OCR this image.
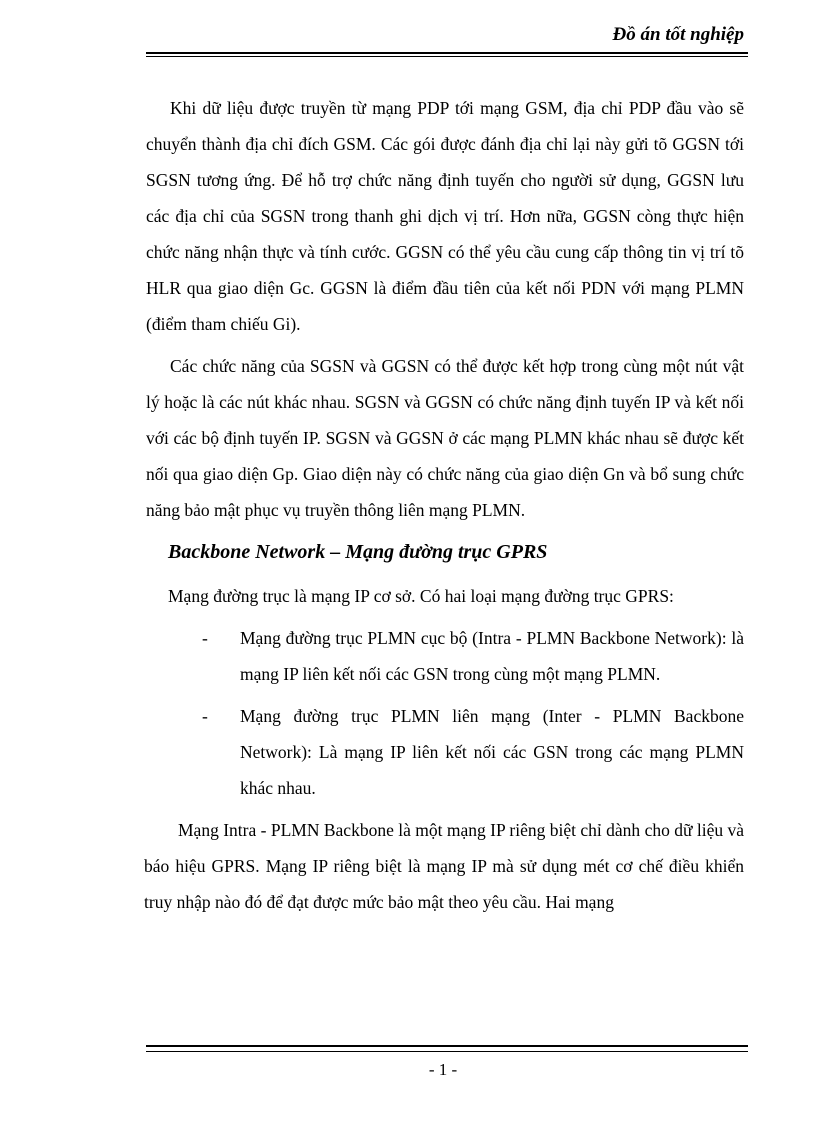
Đồ án tốt nghiệp

Khi dữ liệu được truyền từ mạng PDP tới mạng GSM, địa chỉ PDP đầu vào sẽ chuyển thành địa chỉ đích GSM. Các gói được đánh địa chỉ lại này gửi tõ GGSN tới SGSN tương ứng. Để hỗ trợ chức năng định tuyến cho người sử dụng, GGSN lưu các địa chỉ của SGSN trong thanh ghi dịch vị trí. Hơn nữa, GGSN còng thực hiện chức năng nhận thực và tính cước. GGSN có thể yêu cầu cung cấp thông tin vị trí tõ HLR qua giao diện Gc. GGSN là điểm đầu tiên của kết nối PDN với mạng PLMN (điểm tham chiếu Gi).

Các chức năng của SGSN và GGSN có thể được kết hợp trong cùng một nút vật lý hoặc là các nút khác nhau. SGSN và GGSN có chức năng định tuyến IP và kết nối với các bộ định tuyến IP. SGSN và GGSN ở các mạng PLMN khác nhau sẽ được kết nối qua giao diện Gp. Giao diện này có chức năng của giao diện Gn và bổ sung chức năng bảo mật phục vụ truyền thông liên mạng PLMN.

Backbone Network – Mạng đường trục GPRS

Mạng đường trục là mạng IP cơ sở. Có hai loại mạng đường trục GPRS:

- Mạng đường trục PLMN cục bộ (Intra - PLMN Backbone Network): là mạng IP liên kết nối các GSN trong cùng một mạng PLMN.
- Mạng đường trục PLMN liên mạng (Inter - PLMN Backbone Network): Là mạng IP liên kết nối các GSN trong các mạng PLMN khác nhau.

Mạng Intra - PLMN Backbone là một mạng IP riêng biệt chỉ dành cho dữ liệu và báo hiệu GPRS. Mạng IP riêng biệt là mạng IP mà sử dụng mét cơ chế điều khiển truy nhập nào đó để đạt được mức bảo mật theo yêu cầu. Hai mạng

- 1 -
